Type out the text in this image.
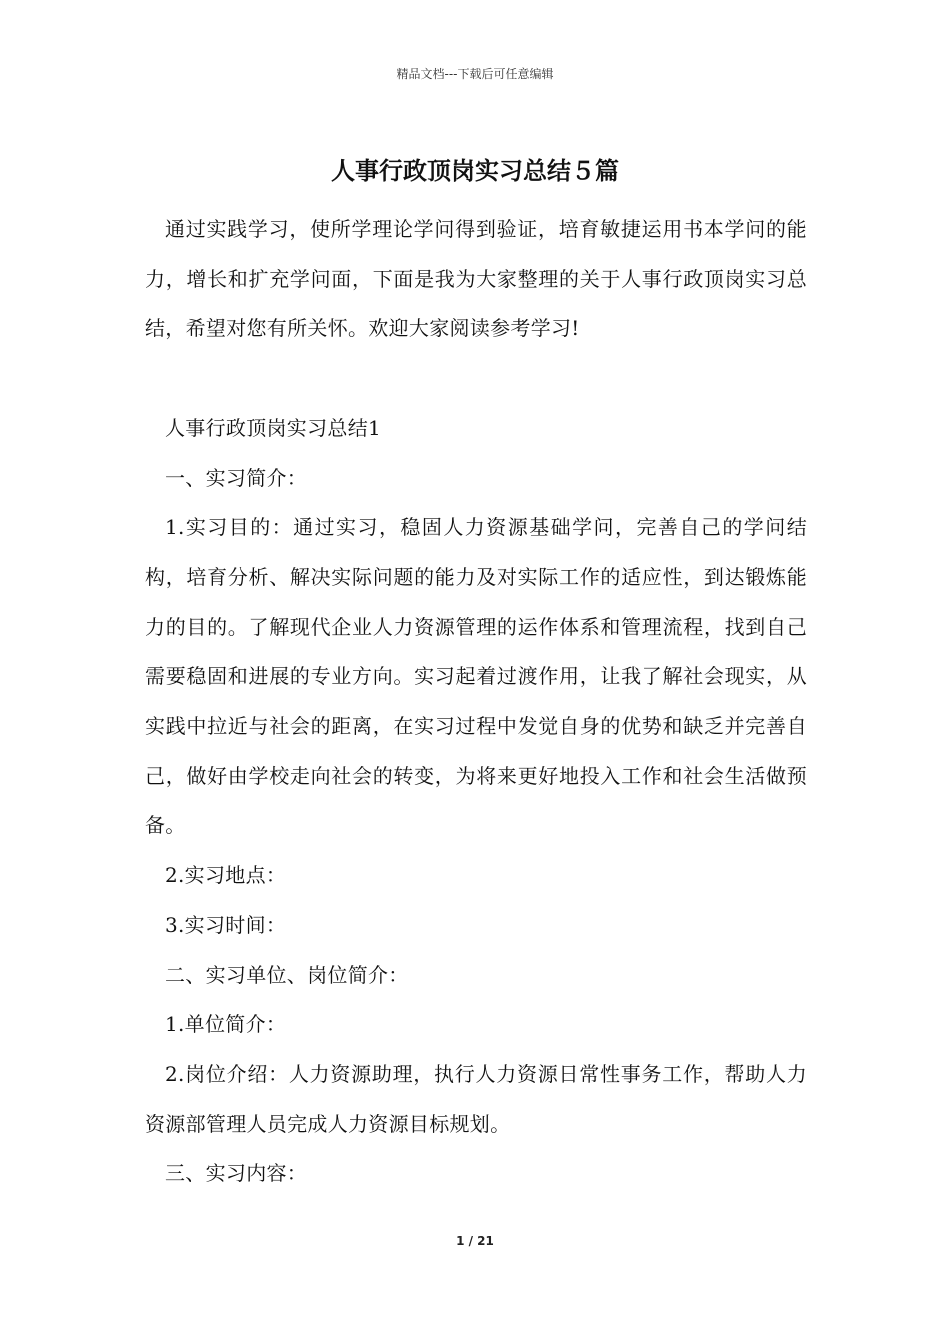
精品文档---下载后可任意编辑
人事行政顶岗实习总结５篇

通过实践学习，使所学理论学问得到验证，培育敏捷运用书本学问的能力，增长和扩充学问面，下面是我为大家整理的关于人事行政顶岗实习总结，希望对您有所关怀。欢迎大家阅读参考学习!

人事行政顶岗实习总结1

一、实习简介：

1.实习目的：通过实习，稳固人力资源基础学问，完善自己的学问结构，培育分析、解决实际问题的能力及对实际工作的适应性，到达锻炼能力的目的。了解现代企业人力资源管理的运作体系和管理流程，找到自己需要稳固和进展的专业方向。实习起着过渡作用，让我了解社会现实，从实践中拉近与社会的距离，在实习过程中发觉自身的优势和缺乏并完善自己，做好由学校走向社会的转变，为将来更好地投入工作和社会生活做预备。

2.实习地点：

3.实习时间：

二、实习单位、岗位简介：

1.单位简介：

2.岗位介绍：人力资源助理，执行人力资源日常性事务工作，帮助人力资源部管理人员完成人力资源目标规划。

三、实习内容：

1 / 21
